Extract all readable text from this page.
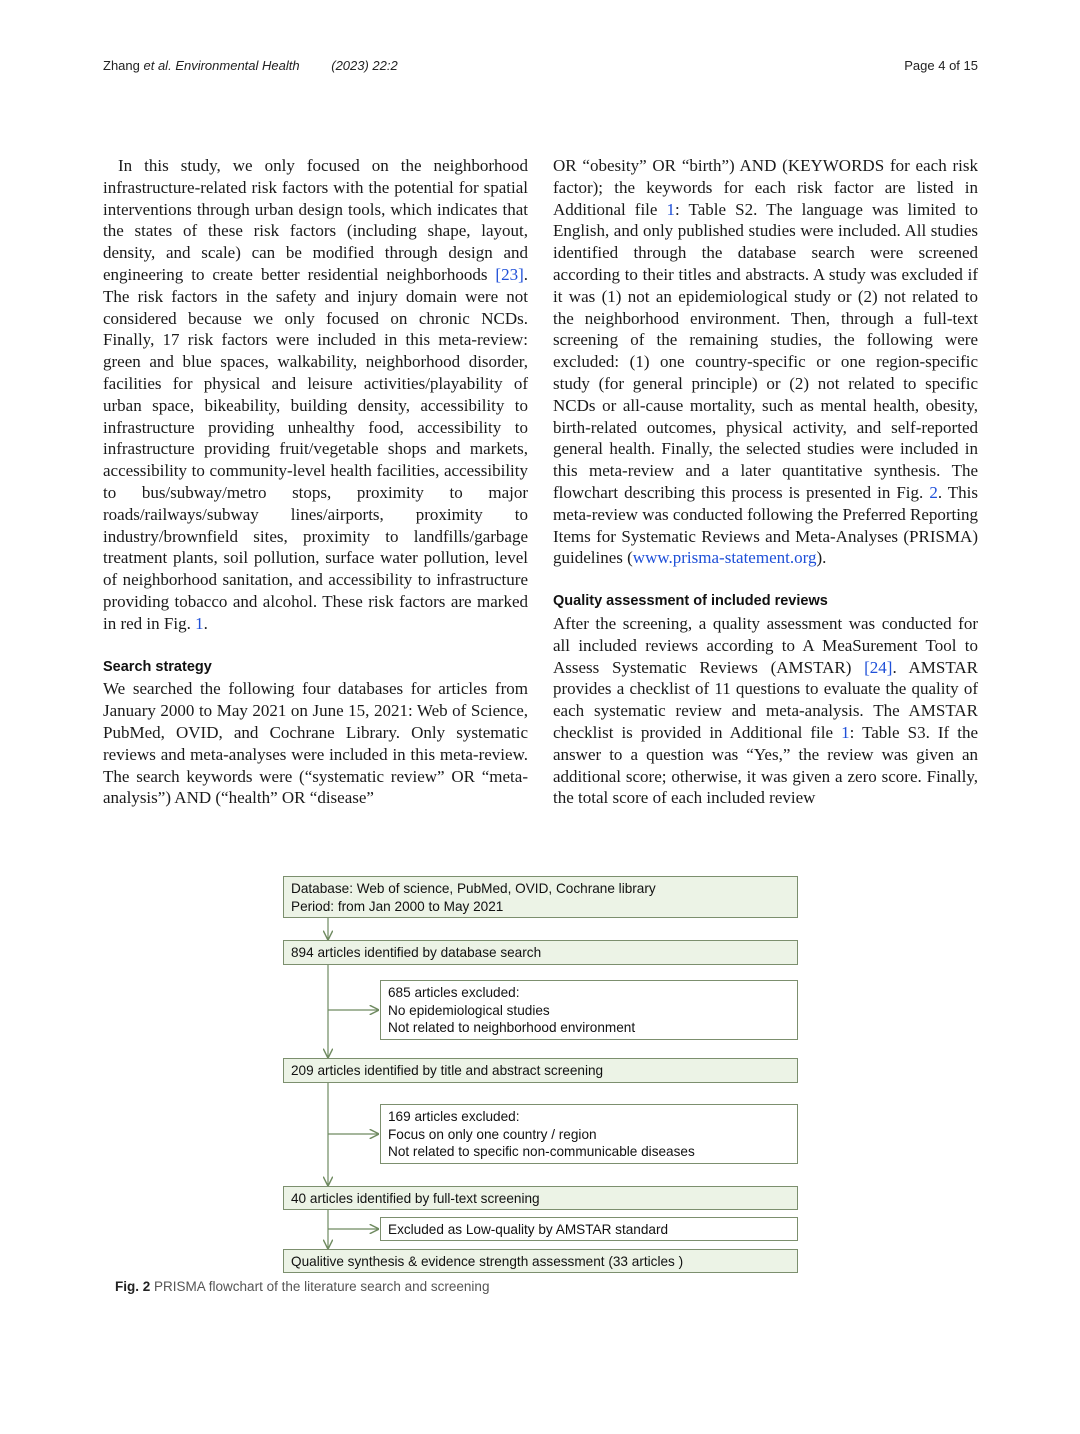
Zhang et al. Environmental Health (2023) 22:2	Page 4 of 15

In this study, we only focused on the neighborhood infrastructure-related risk factors with the potential for spatial interventions through urban design tools, which indicates that the states of these risk factors (including shape, layout, density, and scale) can be modified through design and engineering to create better residential neighborhoods [23]. The risk factors in the safety and injury domain were not considered because we only focused on chronic NCDs. Finally, 17 risk factors were included in this meta-review: green and blue spaces, walkability, neighborhood disorder, facilities for physical and leisure activities/playability of urban space, bikeability, building density, accessibility to infrastructure providing unhealthy food, accessibility to infrastructure providing fruit/vegetable shops and markets, accessibility to community-level health facilities, accessibility to bus/subway/metro stops, proximity to major roads/railways/subway lines/airports, proximity to industry/brownfield sites, proximity to landfills/garbage treatment plants, soil pollution, surface water pollution, level of neighborhood sanitation, and accessibility to infrastructure providing tobacco and alcohol. These risk factors are marked in red in Fig. 1.

Search strategy

We searched the following four databases for articles from January 2000 to May 2021 on June 15, 2021: Web of Science, PubMed, OVID, and Cochrane Library. Only systematic reviews and meta-analyses were included in this meta-review. The search keywords were (“systematic review” OR “meta-analysis”) AND (“health” OR “disease”

OR “obesity” OR “birth”) AND (KEYWORDS for each risk factor); the keywords for each risk factor are listed in Additional file 1: Table S2. The language was limited to English, and only published studies were included. All studies identified through the database search were screened according to their titles and abstracts. A study was excluded if it was (1) not an epidemiological study or (2) not related to the neighborhood environment. Then, through a full-text screening of the remaining studies, the following were excluded: (1) one country-specific or one region-specific study (for general principle) or (2) not related to specific NCDs or all-cause mortality, such as mental health, obesity, birth-related outcomes, physical activity, and self-reported general health. Finally, the selected studies were included in this meta-review and a later quantitative synthesis. The flowchart describing this process is presented in Fig. 2. This meta-review was conducted following the Preferred Reporting Items for Systematic Reviews and Meta-Analyses (PRISMA) guidelines (www.prisma-statement.org).

Quality assessment of included reviews

After the screening, a quality assessment was conducted for all included reviews according to A MeaSurement Tool to Assess Systematic Reviews (AMSTAR) [24]. AMSTAR provides a checklist of 11 questions to evaluate the quality of each systematic review and meta-analysis. The AMSTAR checklist is provided in Additional file 1: Table S3. If the answer to a question was “Yes,” the review was given an additional score; otherwise, it was given a zero score. Finally, the total score of each included review

Database: Web of science, PubMed, OVID, Cochrane library
Period: from Jan 2000 to May 2021
894 articles identified by database search
685 articles excluded:
No epidemiological studies
Not related to neighborhood environment
209 articles identified by title and abstract screening
169 articles excluded:
Focus on only one country / region
Not related to specific non-communicable diseases
40 articles identified by full-text screening
Excluded as Low-quality by AMSTAR standard
Qualitive synthesis & evidence strength assessment (33 articles )
Fig. 2 PRISMA flowchart of the literature search and screening
